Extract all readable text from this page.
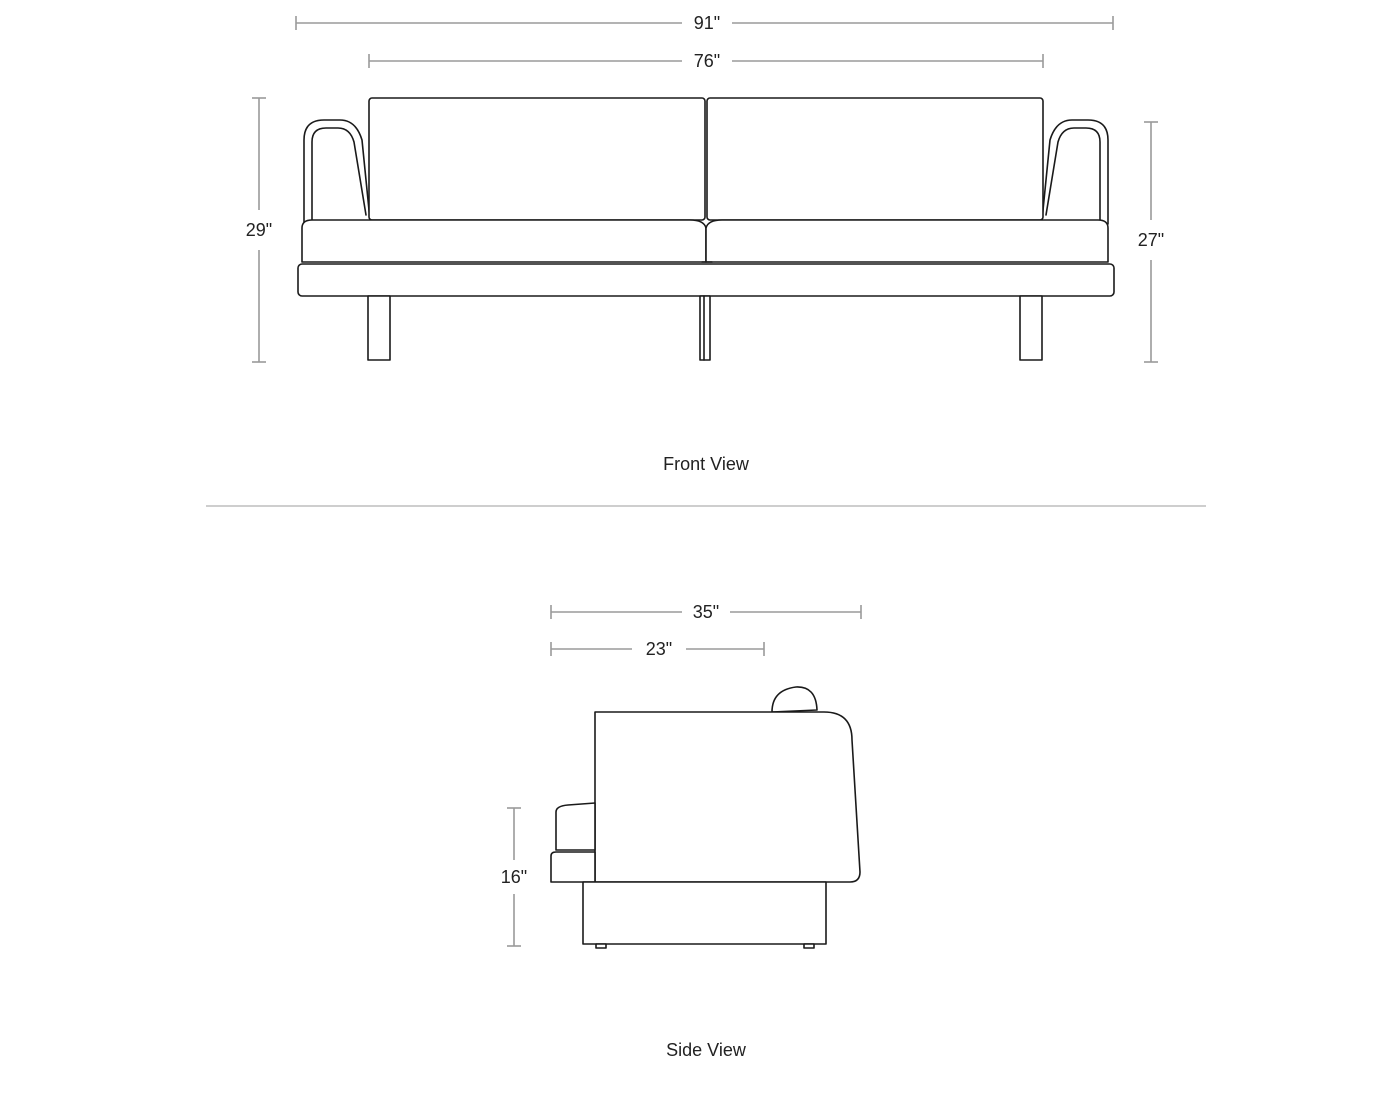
91"
76"
29"	27"
Front View
35"
23"
16"
Side View
